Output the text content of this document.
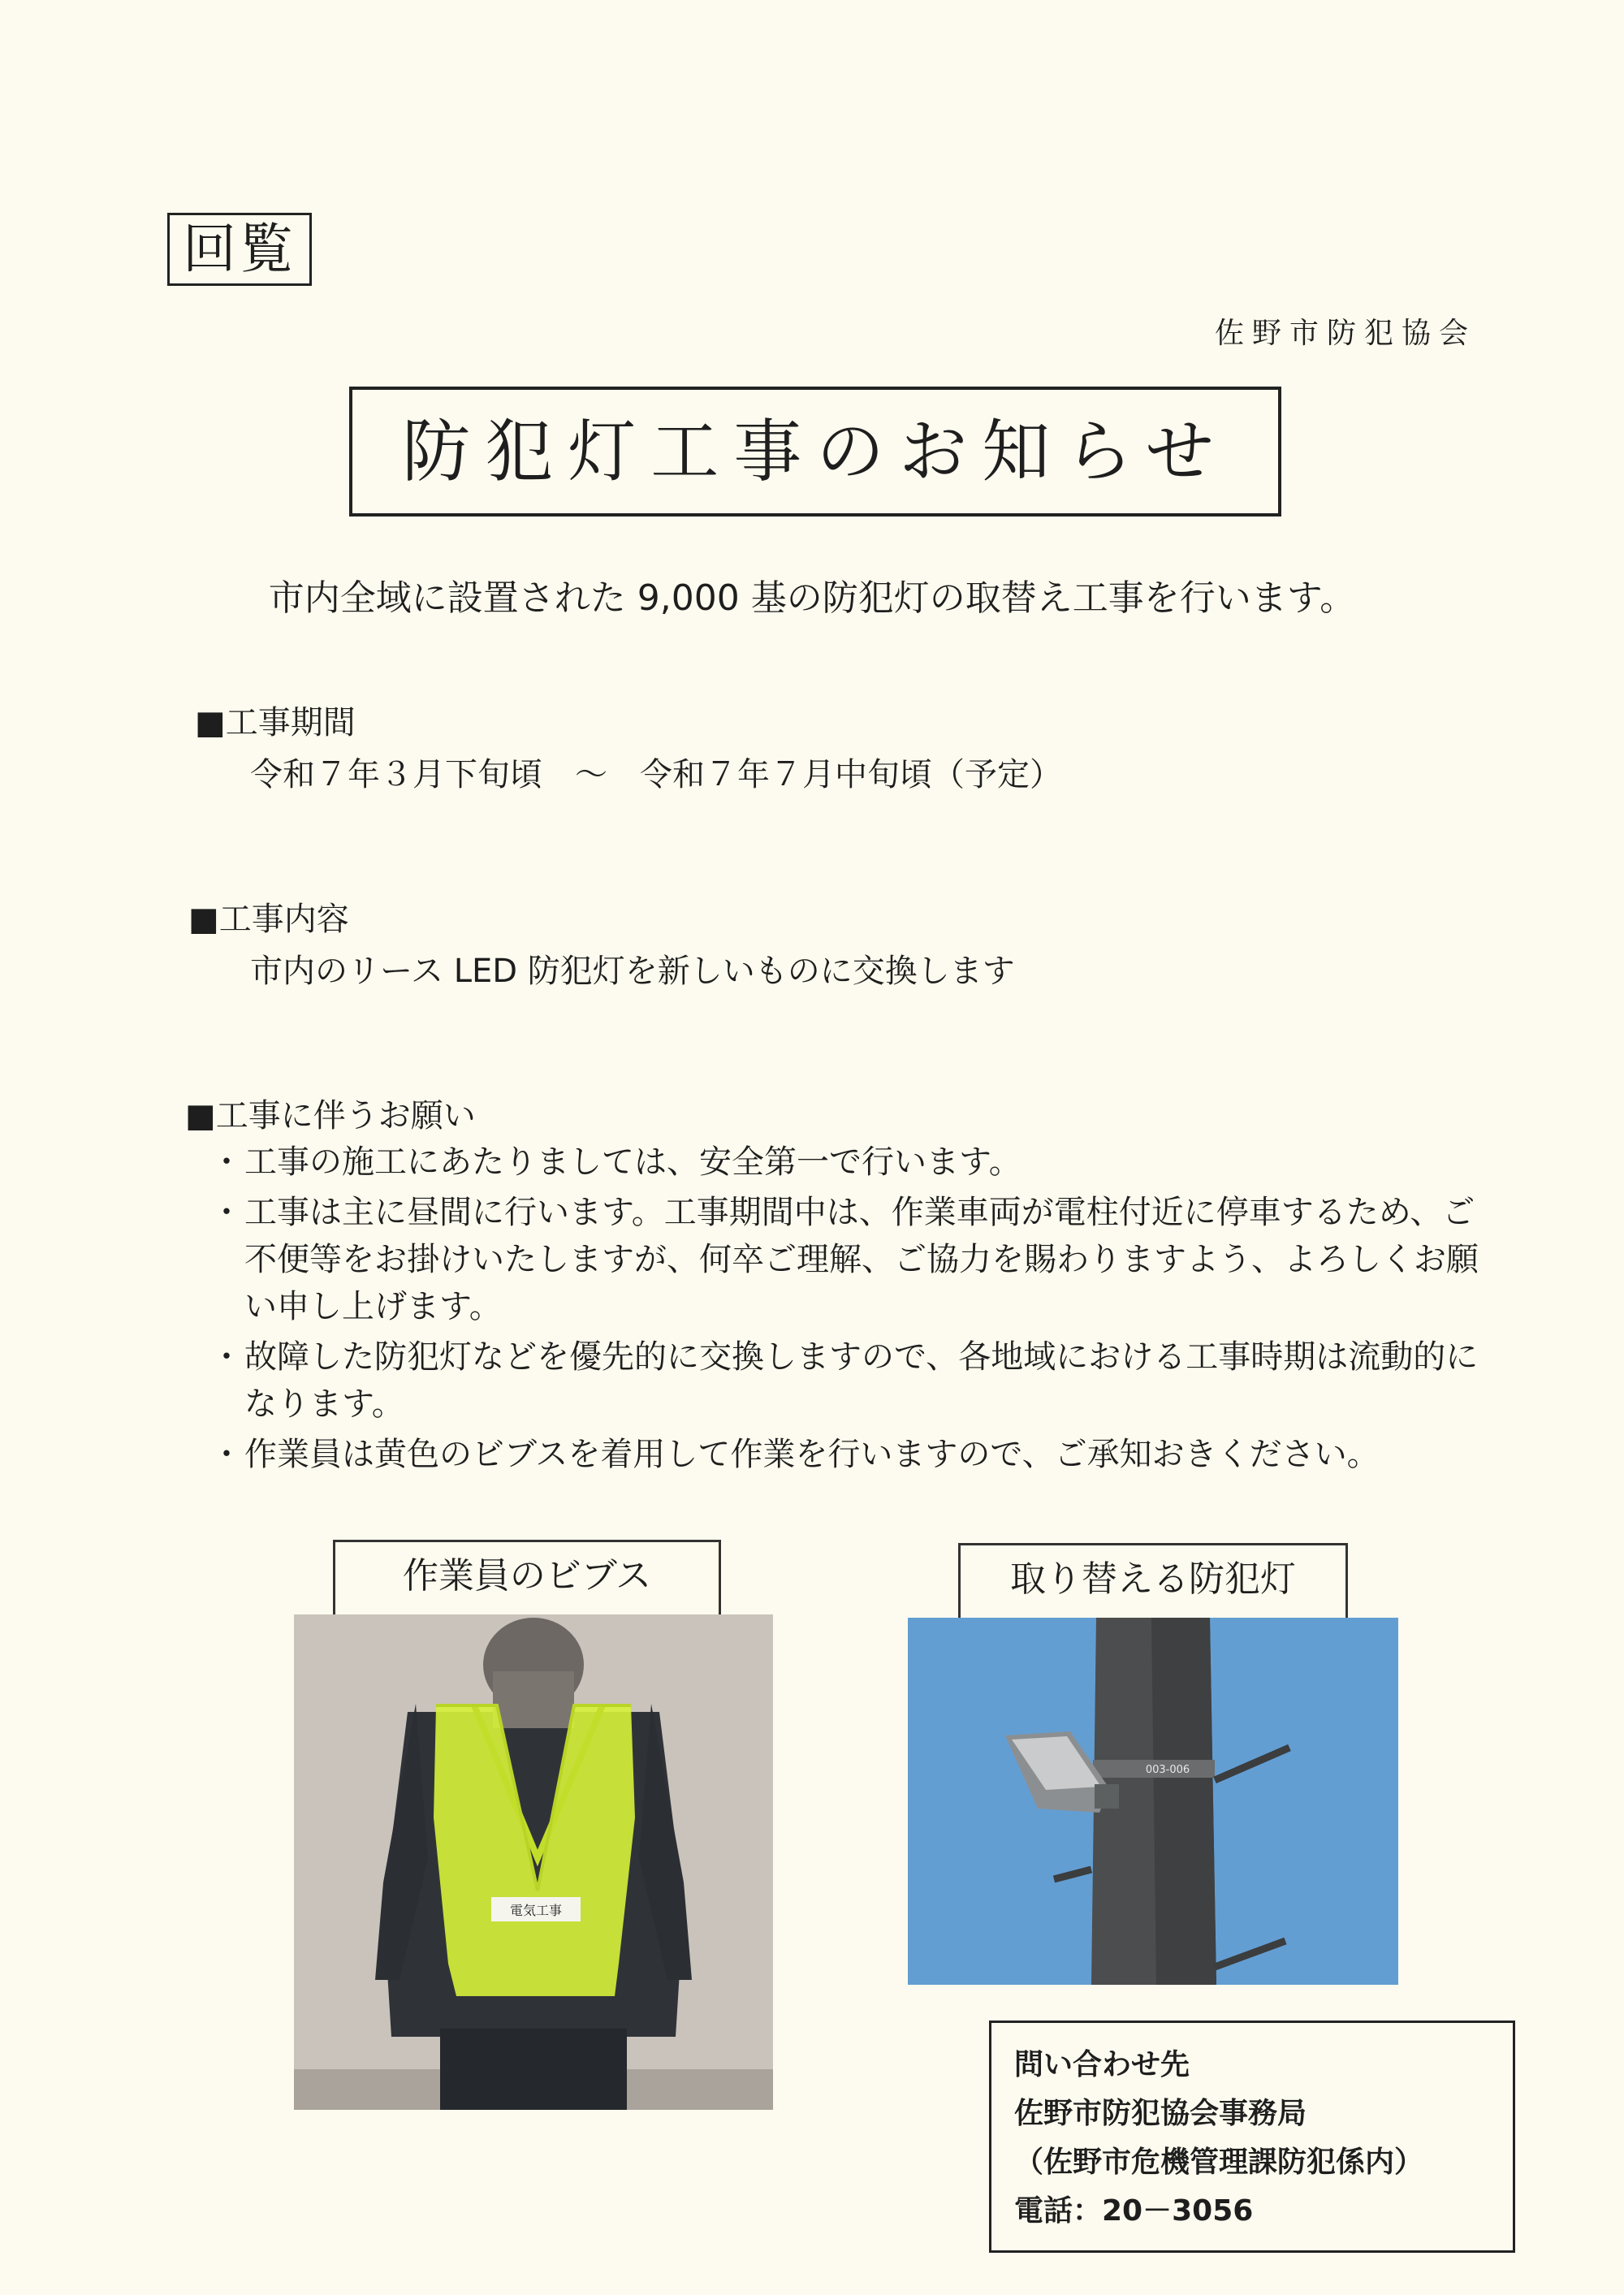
回覧
佐野市防犯協会
防犯灯工事のお知らせ
市内全域に設置された 9,000 基の防犯灯の取替え工事を行います。
■工事期間
令和７年３月下旬頃　～　令和７年７月中旬頃（予定）
■工事内容
市内のリース LED 防犯灯を新しいものに交換します
■工事に伴うお願い
・ 工事の施工にあたりましては、安全第一で行います。
・ 工事は主に昼間に行います。工事期間中は、作業車両が電柱付近に停車するため、ご不便等をお掛けいたしますが、何卒ご理解、ご協力を賜わりますよう、よろしくお願い申し上げます。
・ 故障した防犯灯などを優先的に交換しますので、各地域における工事時期は流動的になります。
・ 作業員は黄色のビブスを着用して作業を行いますので、ご承知おきください。
作業員のビブス
電気工事
取り替える防犯灯
003-006
問い合わせ先
佐野市防犯協会事務局
（佐野市危機管理課防犯係内）
電話：20－3056
